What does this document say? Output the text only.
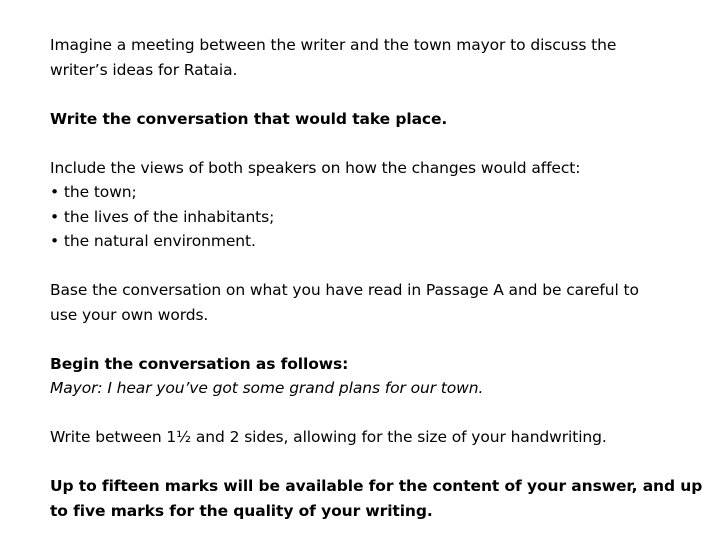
Imagine a meeting between the writer and the town mayor to discuss the
writer’s ideas for Rataia.

Write the conversation that would take place.

Include the views of both speakers on how the changes would affect:
• the town;
• the lives of the inhabitants;
• the natural environment.

Base the conversation on what you have read in Passage A and be careful to
use your own words.

Begin the conversation as follows:
Mayor: I hear you’ve got some grand plans for our town.

Write between 1½ and 2 sides, allowing for the size of your handwriting.

Up to fifteen marks will be available for the content of your answer, and up
to five marks for the quality of your writing.
